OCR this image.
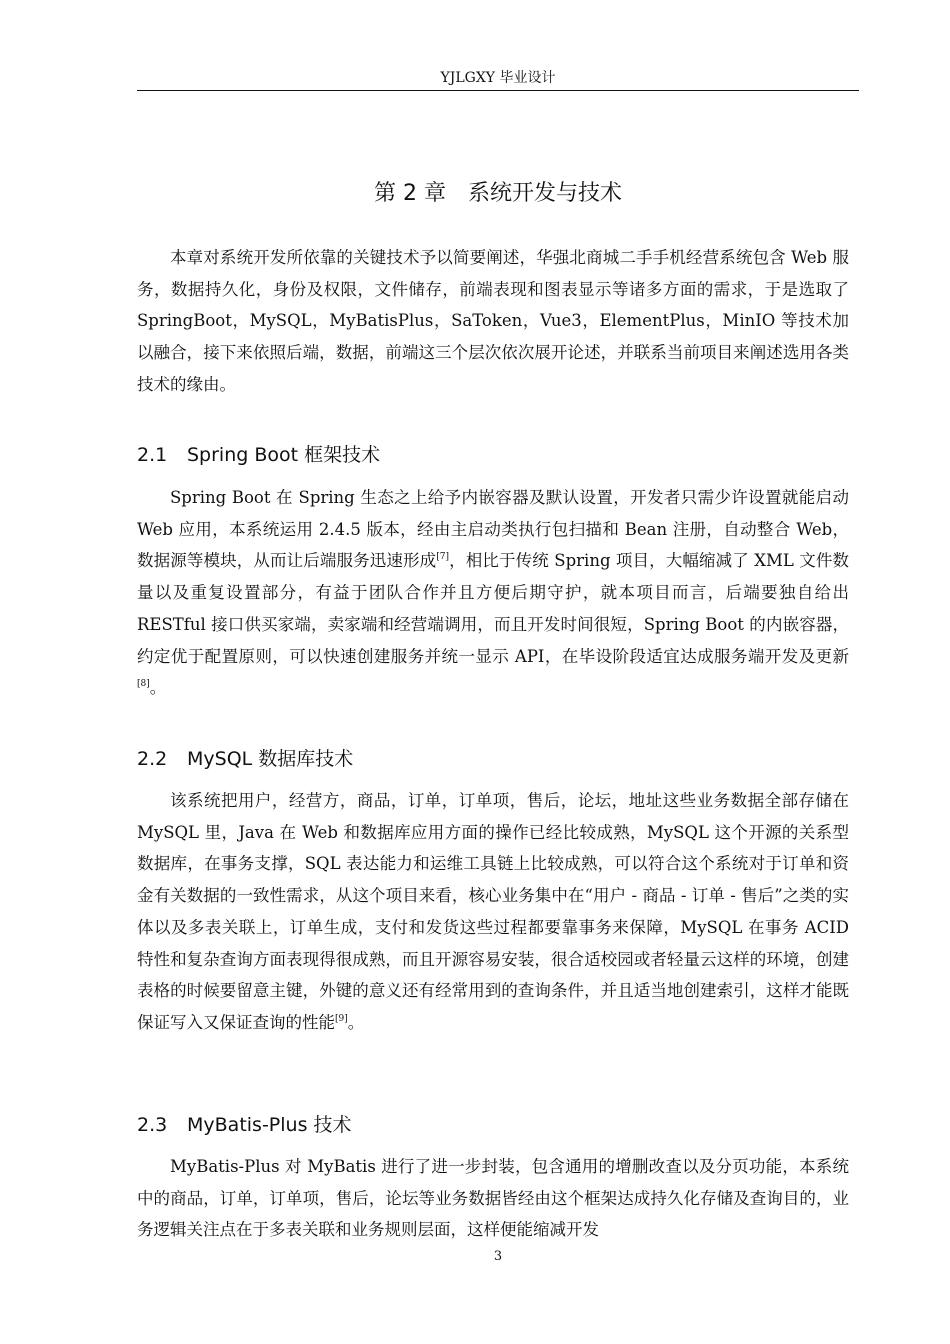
YJLGXY 毕业设计
第 2 章 系统开发与技术

本章对系统开发所依靠的关键技术予以简要阐述，华强北商城二手手机经营系统包含 Web 服务，数据持久化，身份及权限，文件储存，前端表现和图表显示等诸多方面的需求，于是选取了 SpringBoot，MySQL，MyBatisPlus，SaToken，Vue3，ElementPlus，MinIO 等技术加以融合，接下来依照后端，数据，前端这三个层次依次展开论述，并联系当前项目来阐述选用各类技术的缘由。

2.1 Spring Boot 框架技术

Spring Boot 在 Spring 生态之上给予内嵌容器及默认设置，开发者只需少许设置就能启动 Web 应用，本系统运用 2.4.5 版本，经由主启动类执行包扫描和 Bean 注册，自动整合 Web，数据源等模块，从而让后端服务迅速形成[7]，相比于传统 Spring 项目，大幅缩减了 XML 文件数量以及重复设置部分，有益于团队合作并且方便后期守护，就本项目而言，后端要独自给出 RESTful 接口供买家端，卖家端和经营端调用，而且开发时间很短，Spring Boot 的内嵌容器，约定优于配置原则，可以快速创建服务并统一显示 API，在毕设阶段适宜达成服务端开发及更新[8]。

2.2 MySQL 数据库技术

该系统把用户，经营方，商品，订单，订单项，售后，论坛，地址这些业务数据全部存储在 MySQL 里，Java 在 Web 和数据库应用方面的操作已经比较成熟，MySQL 这个开源的关系型数据库，在事务支撑，SQL 表达能力和运维工具链上比较成熟，可以符合这个系统对于订单和资金有关数据的一致性需求，从这个项目来看，核心业务集中在“用户 - 商品 - 订单 - 售后”之类的实体以及多表关联上，订单生成，支付和发货这些过程都要靠事务来保障，MySQL 在事务 ACID 特性和复杂查询方面表现得很成熟，而且开源容易安装，很合适校园或者轻量云这样的环境，创建表格的时候要留意主键，外键的意义还有经常用到的查询条件，并且适当地创建索引，这样才能既保证写入又保证查询的性能[9]。

2.3 MyBatis-Plus 技术

MyBatis-Plus 对 MyBatis 进行了进一步封装，包含通用的增删改查以及分页功能，本系统中的商品，订单，订单项，售后，论坛等业务数据皆经由这个框架达成持久化存储及查询目的，业务逻辑关注点在于多表关联和业务规则层面，这样便能缩减开发

3
